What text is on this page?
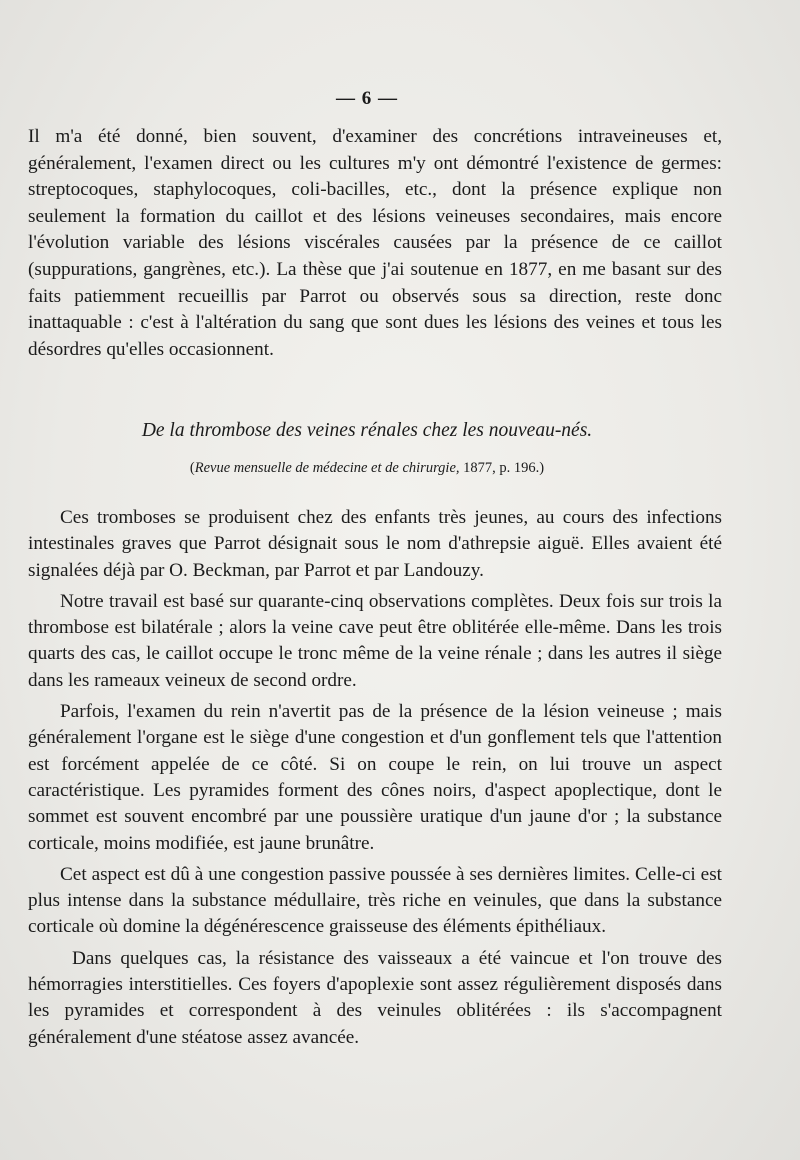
— 6 —

Il m'a été donné, bien souvent, d'examiner des concrétions intraveineuses et, généralement, l'examen direct ou les cultures m'y ont démontré l'existence de germes: streptocoques, staphylocoques, coli-bacilles, etc., dont la présence explique non seulement la formation du caillot et des lésions veineuses secondaires, mais encore l'évolution variable des lésions viscérales causées par la présence de ce caillot (suppurations, gangrènes, etc.). La thèse que j'ai soutenue en 1877, en me basant sur des faits patiemment recueillis par Parrot ou observés sous sa direction, reste donc inattaquable : c'est à l'altération du sang que sont dues les lésions des veines et tous les désordres qu'elles occasionnent.

De la thrombose des veines rénales chez les nouveau-nés.
(Revue mensuelle de médecine et de chirurgie, 1877, p. 196.)

Ces tromboses se produisent chez des enfants très jeunes, au cours des infections intestinales graves que Parrot désignait sous le nom d'athrepsie aiguë. Elles avaient été signalées déjà par O. Beckman, par Parrot et par Landouzy.

Notre travail est basé sur quarante-cinq observations complètes. Deux fois sur trois la thrombose est bilatérale ; alors la veine cave peut être oblitérée elle-même. Dans les trois quarts des cas, le caillot occupe le tronc même de la veine rénale ; dans les autres il siège dans les rameaux veineux de second ordre.

Parfois, l'examen du rein n'avertit pas de la présence de la lésion veineuse ; mais généralement l'organe est le siège d'une congestion et d'un gonflement tels que l'attention est forcément appelée de ce côté. Si on coupe le rein, on lui trouve un aspect caractéristique. Les pyramides forment des cônes noirs, d'aspect apoplectique, dont le sommet est souvent encombré par une poussière uratique d'un jaune d'or ; la substance corticale, moins modifiée, est jaune brunâtre.

Cet aspect est dû à une congestion passive poussée à ses dernières limites. Celle-ci est plus intense dans la substance médullaire, très riche en veinules, que dans la substance corticale où domine la dégénérescence graisseuse des éléments épithéliaux.

Dans quelques cas, la résistance des vaisseaux a été vaincue et l'on trouve des hémorragies interstitielles. Ces foyers d'apoplexie sont assez régulièrement disposés dans les pyramides et correspondent à des veinules oblitérées : ils s'accompagnent généralement d'une stéatose assez avancée.
